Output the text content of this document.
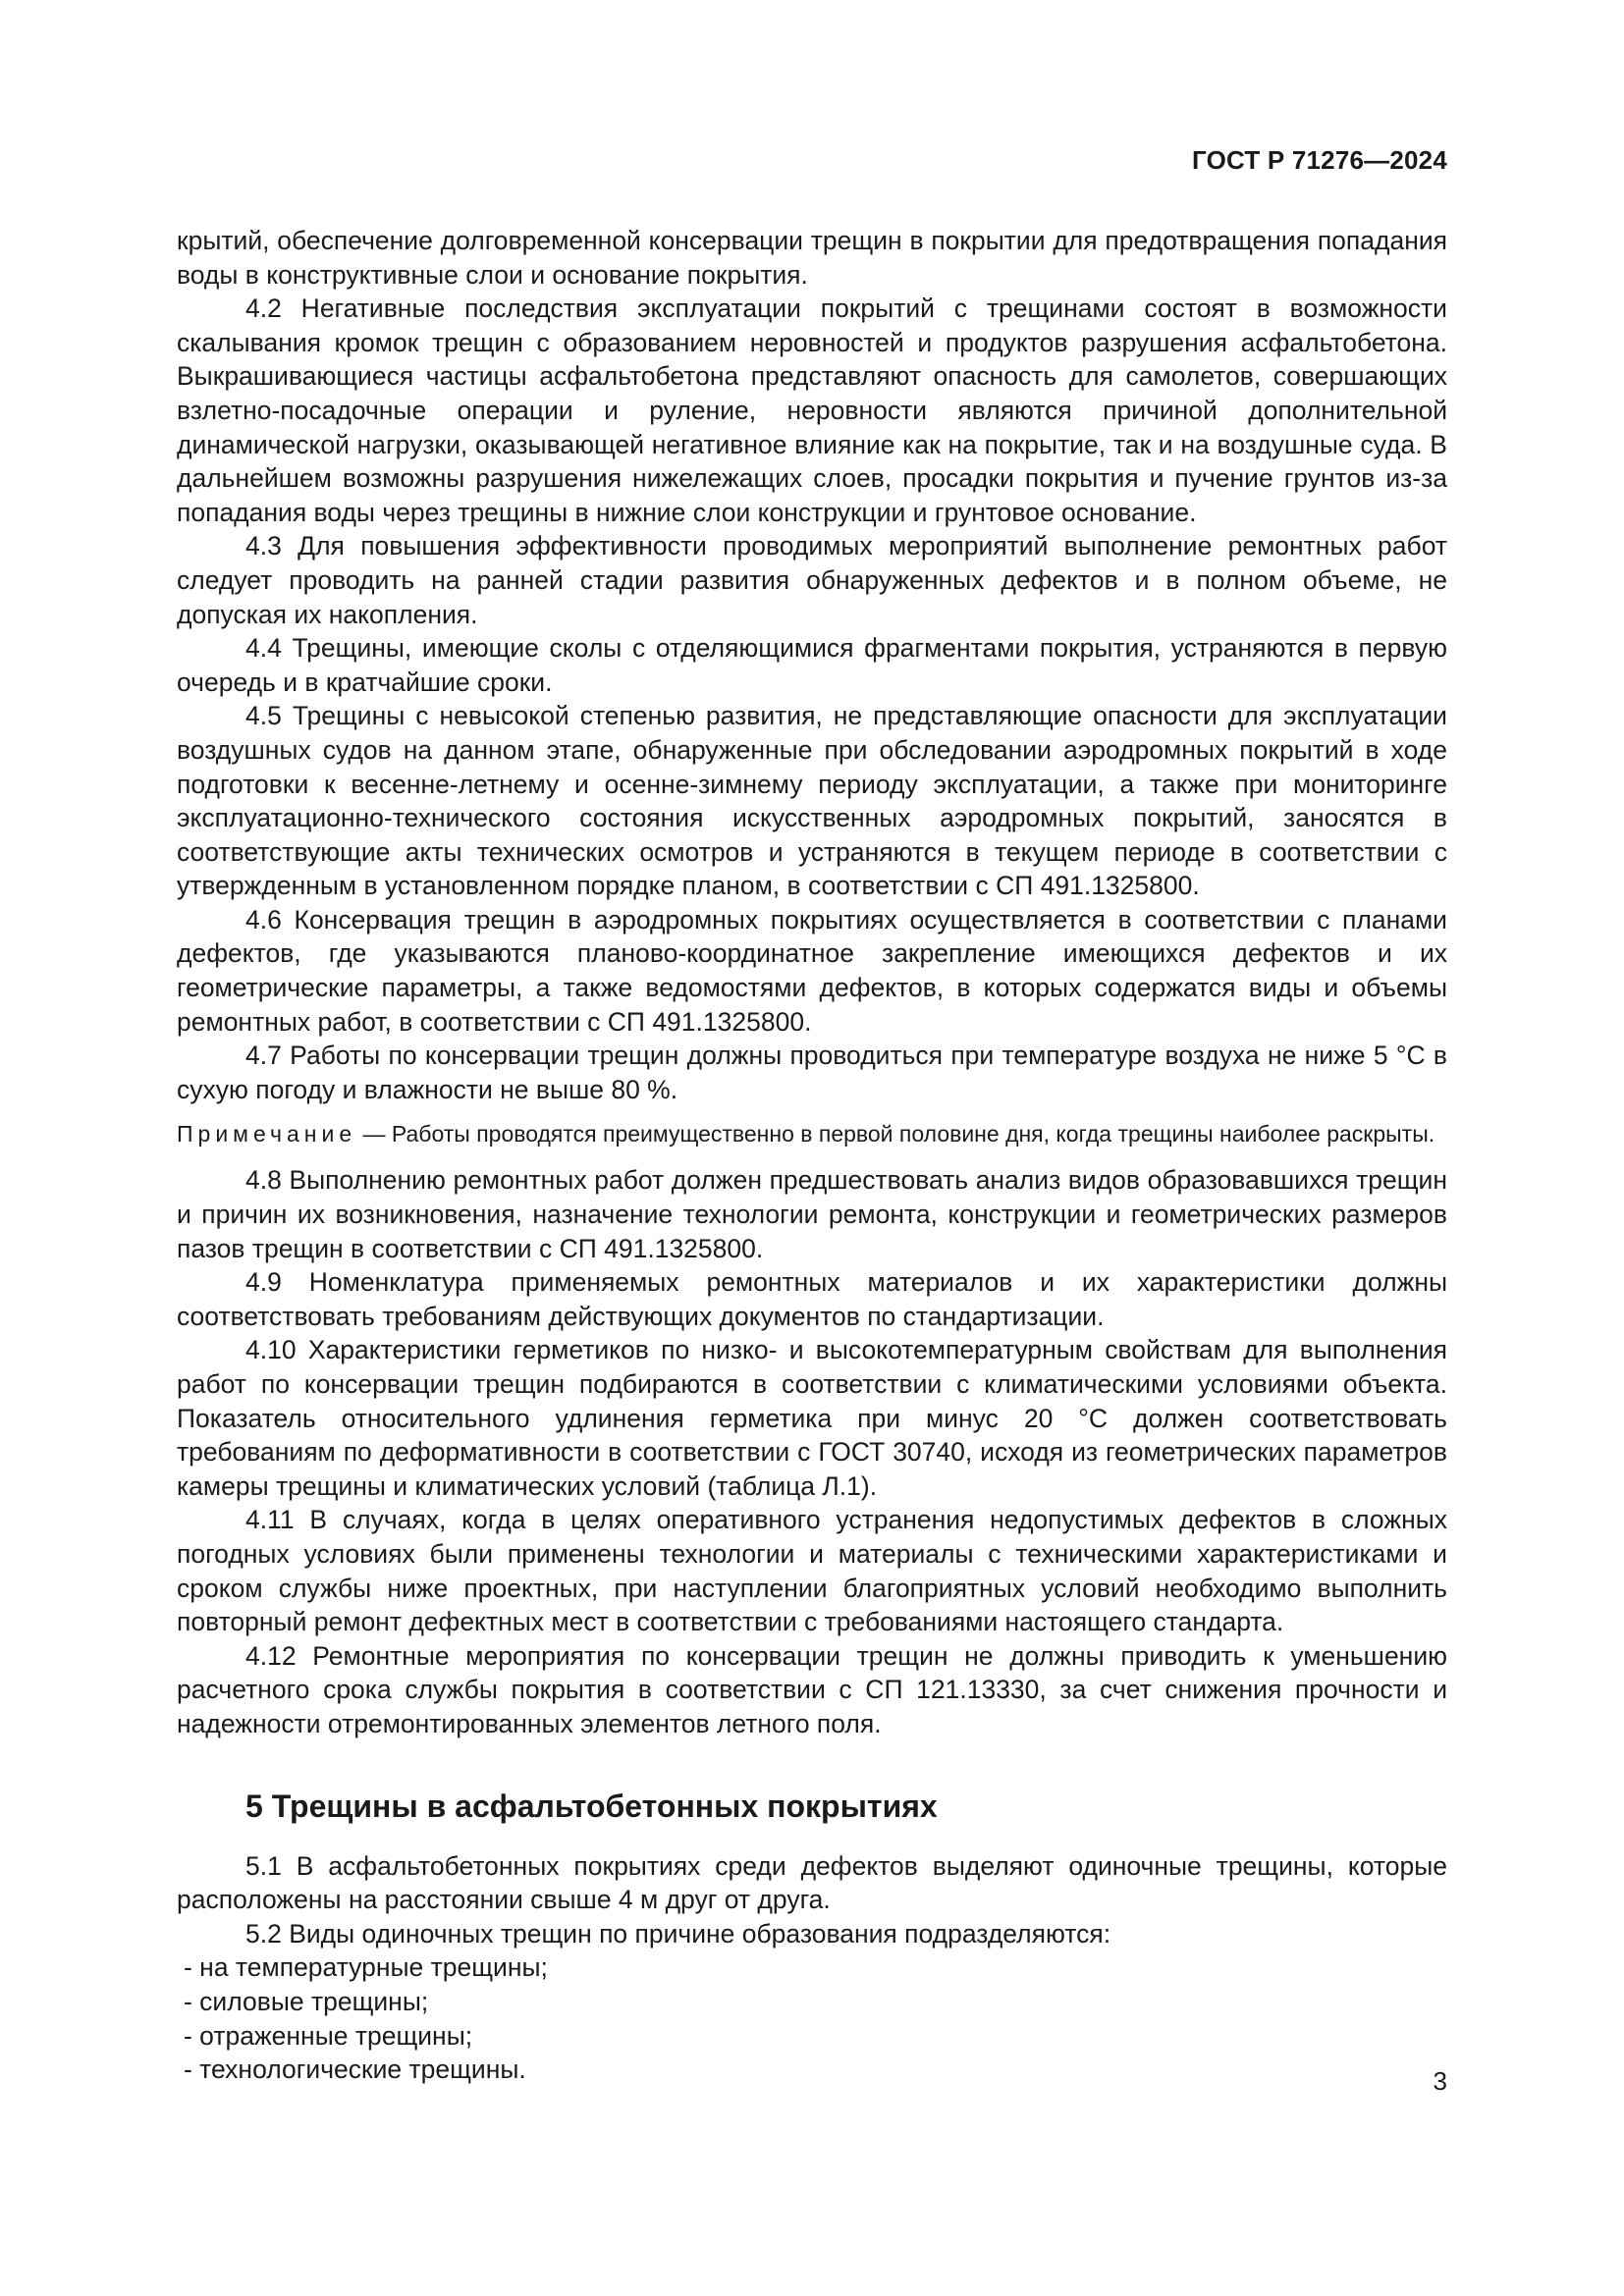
ГОСТ Р 71276—2024

крытий, обеспечение долговременной консервации трещин в покрытии для предотвращения попадания воды в конструктивные слои и основание покрытия.

4.2 Негативные последствия эксплуатации покрытий с трещинами состоят в возможности скалывания кромок трещин с образованием неровностей и продуктов разрушения асфальтобетона. Выкрашивающиеся частицы асфальтобетона представляют опасность для самолетов, совершающих взлетно-посадочные операции и руление, неровности являются причиной дополнительной динамической нагрузки, оказывающей негативное влияние как на покрытие, так и на воздушные суда. В дальнейшем возможны разрушения нижележащих слоев, просадки покрытия и пучение грунтов из-за попадания воды через трещины в нижние слои конструкции и грунтовое основание.

4.3 Для повышения эффективности проводимых мероприятий выполнение ремонтных работ следует проводить на ранней стадии развития обнаруженных дефектов и в полном объеме, не допуская их накопления.

4.4 Трещины, имеющие сколы с отделяющимися фрагментами покрытия, устраняются в первую очередь и в кратчайшие сроки.

4.5 Трещины с невысокой степенью развития, не представляющие опасности для эксплуатации воздушных судов на данном этапе, обнаруженные при обследовании аэродромных покрытий в ходе подготовки к весенне-летнему и осенне-зимнему периоду эксплуатации, а также при мониторинге эксплуатационно-технического состояния искусственных аэродромных покрытий, заносятся в соответствующие акты технических осмотров и устраняются в текущем периоде в соответствии с утвержденным в установленном порядке планом, в соответствии с СП 491.1325800.

4.6 Консервация трещин в аэродромных покрытиях осуществляется в соответствии с планами дефектов, где указываются планово-координатное закрепление имеющихся дефектов и их геометрические параметры, а также ведомостями дефектов, в которых содержатся виды и объемы ремонтных работ, в соответствии с СП 491.1325800.

4.7 Работы по консервации трещин должны проводиться при температуре воздуха не ниже 5 °C в сухую погоду и влажности не выше 80 %.

Примечание — Работы проводятся преимущественно в первой половине дня, когда трещины наиболее раскрыты.

4.8 Выполнению ремонтных работ должен предшествовать анализ видов образовавшихся трещин и причин их возникновения, назначение технологии ремонта, конструкции и геометрических размеров пазов трещин в соответствии с СП 491.1325800.

4.9 Номенклатура применяемых ремонтных материалов и их характеристики должны соответствовать требованиям действующих документов по стандартизации.

4.10 Характеристики герметиков по низко- и высокотемпературным свойствам для выполнения работ по консервации трещин подбираются в соответствии с климатическими условиями объекта. Показатель относительного удлинения герметика при минус 20 °C должен соответствовать требованиям по деформативности в соответствии с ГОСТ 30740, исходя из геометрических параметров камеры трещины и климатических условий (таблица Л.1).

4.11 В случаях, когда в целях оперативного устранения недопустимых дефектов в сложных погодных условиях были применены технологии и материалы с техническими характеристиками и сроком службы ниже проектных, при наступлении благоприятных условий необходимо выполнить повторный ремонт дефектных мест в соответствии с требованиями настоящего стандарта.

4.12 Ремонтные мероприятия по консервации трещин не должны приводить к уменьшению расчетного срока службы покрытия в соответствии с СП 121.13330, за счет снижения прочности и надежности отремонтированных элементов летного поля.

5 Трещины в асфальтобетонных покрытиях

5.1 В асфальтобетонных покрытиях среди дефектов выделяют одиночные трещины, которые расположены на расстоянии свыше 4 м друг от друга.

5.2 Виды одиночных трещин по причине образования подразделяются:

- на температурные трещины;
- силовые трещины;
- отраженные трещины;
- технологические трещины.	3
